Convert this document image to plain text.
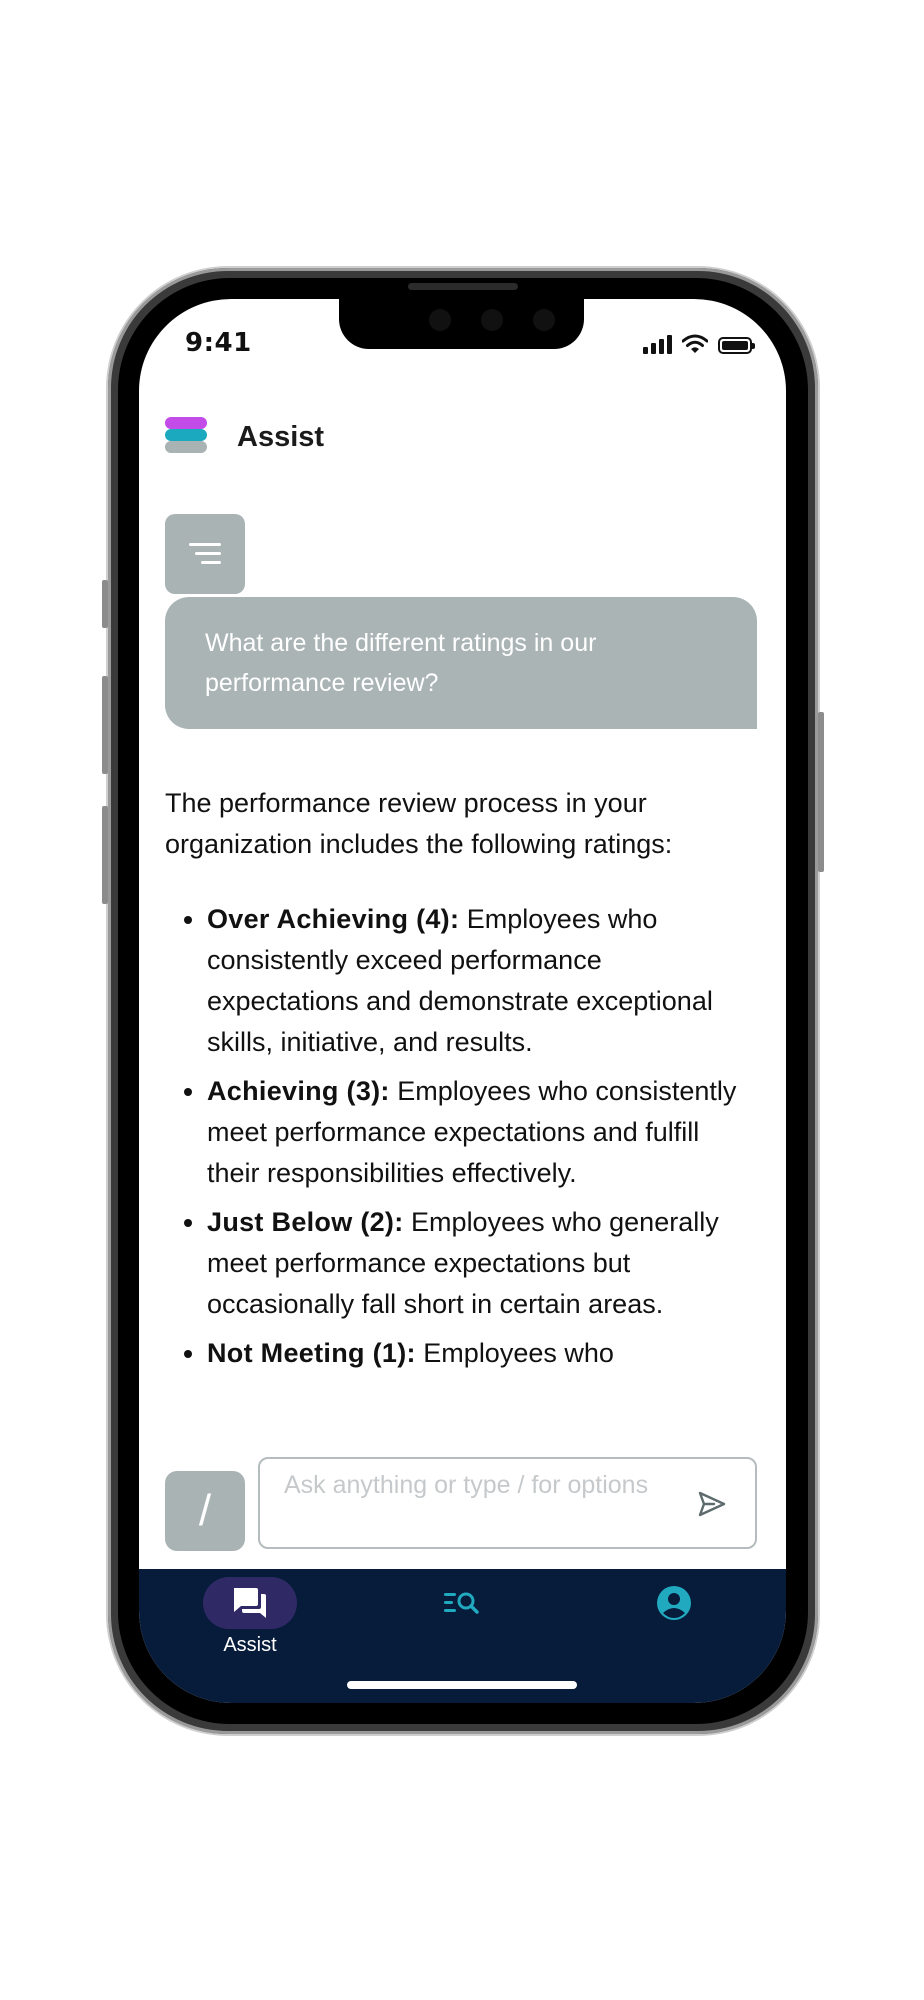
9:41
Assist
What are the different ratings in our performance review?

The performance review process in your organization includes the following ratings:

• Over Achieving (4): Employees who consistently exceed performance expectations and demonstrate exceptional skills, initiative, and results.
• Achieving (3): Employees who consistently meet performance expectations and fulfill their responsibilities effectively.
• Just Below (2): Employees who generally meet performance expectations but occasionally fall short in certain areas.
• Not Meeting (1): Employees who
/
Ask anything or type / for options
Assist
